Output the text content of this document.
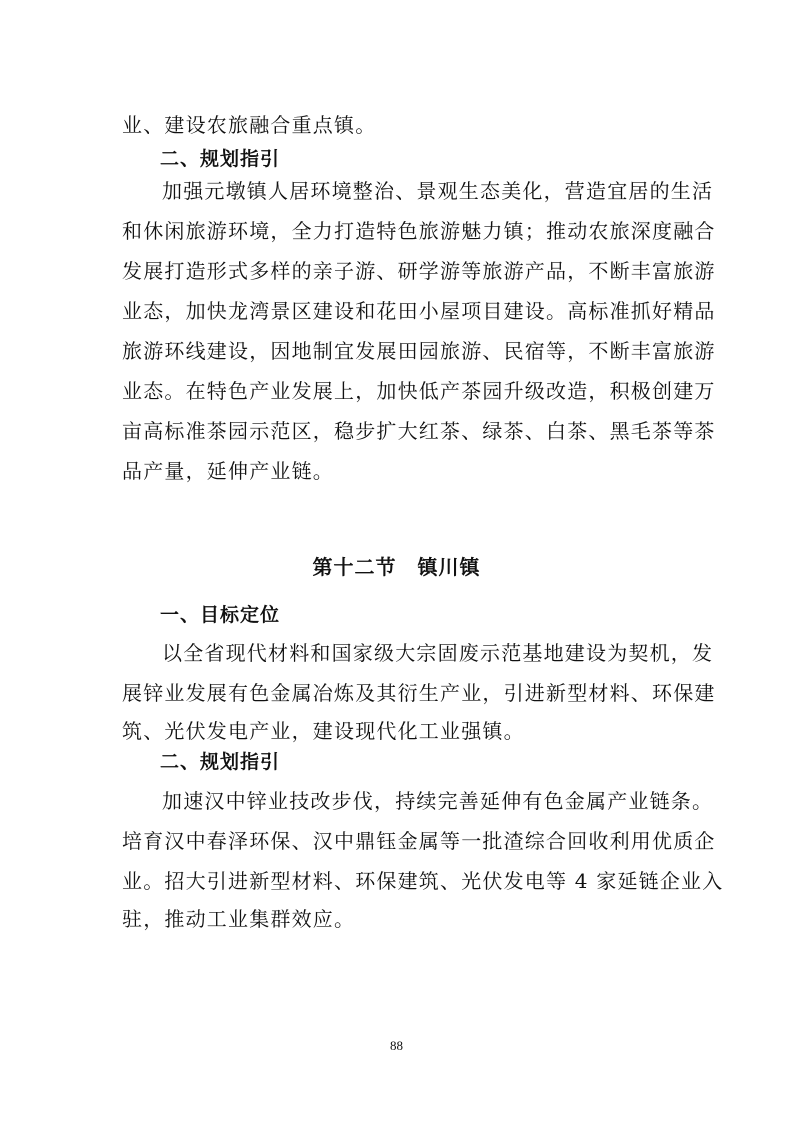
业、建设农旅融合重点镇。
二、规划指引
加强元墩镇人居环境整治、景观生态美化，营造宜居的生活
和休闲旅游环境，全力打造特色旅游魅力镇；推动农旅深度融合
发展打造形式多样的亲子游、研学游等旅游产品，不断丰富旅游
业态，加快龙湾景区建设和花田小屋项目建设。高标准抓好精品
旅游环线建设，因地制宜发展田园旅游、民宿等，不断丰富旅游
业态。在特色产业发展上，加快低产茶园升级改造，积极创建万
亩高标准茶园示范区，稳步扩大红茶、绿茶、白茶、黑毛茶等茶
品产量，延伸产业链。
第十二节　镇川镇
一、目标定位
以全省现代材料和国家级大宗固废示范基地建设为契机，发
展锌业发展有色金属冶炼及其衍生产业，引进新型材料、环保建
筑、光伏发电产业，建设现代化工业强镇。
二、规划指引
加速汉中锌业技改步伐，持续完善延伸有色金属产业链条。
培育汉中春泽环保、汉中鼎钰金属等一批渣综合回收利用优质企
业。招大引进新型材料、环保建筑、光伏发电等 4 家延链企业入
驻，推动工业集群效应。
88
